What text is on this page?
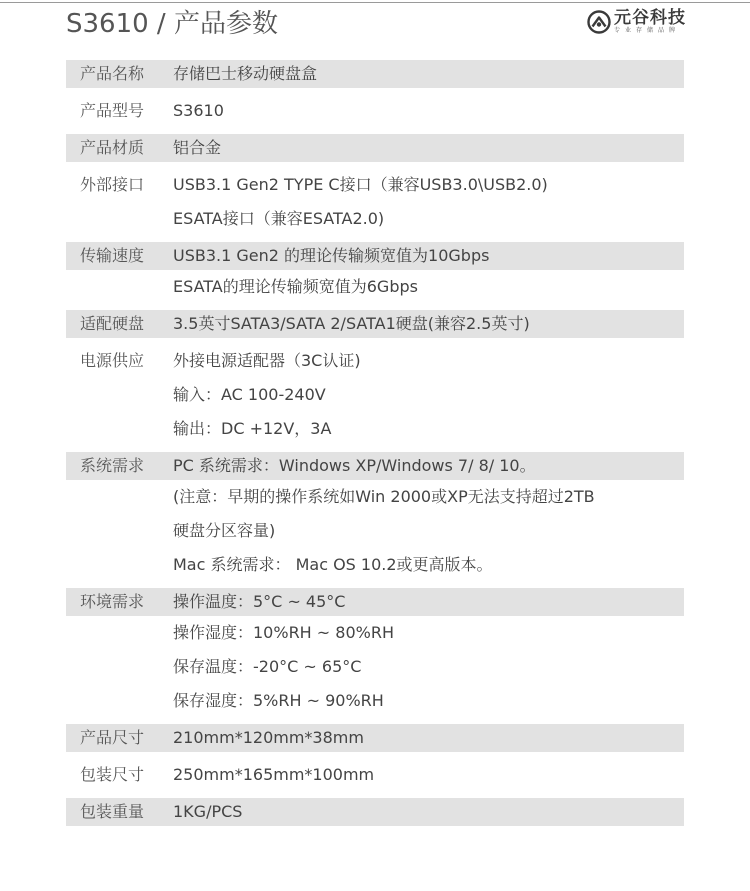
S3610 / 产品参数	元谷科技
专业存储品牌
产品名称	存储巴士移动硬盘盒
产品型号	S3610
产品材质	铝合金
外部接口	USB3.1 Gen2 TYPE C接口（兼容USB3.0\USB2.0)
ESATA接口（兼容ESATA2.0)
传输速度	USB3.1 Gen2 的理论传输频宽值为10Gbps
ESATA的理论传输频宽值为6Gbps
适配硬盘	3.5英寸SATA3/SATA 2/SATA1硬盘(兼容2.5英寸)
电源供应	外接电源适配器（3C认证)
输入：AC 100-240V
输出：DC +12V，3A
系统需求	PC 系统需求：Windows XP/Windows 7/ 8/ 10。
(注意：早期的操作系统如Win 2000或XP无法支持超过2TB
硬盘分区容量)
Mac 系统需求： Mac OS 10.2或更高版本。
环境需求	操作温度：5°C ~ 45°C
操作湿度：10%RH ~ 80%RH
保存温度：-20°C ~ 65°C
保存湿度：5%RH ~ 90%RH
产品尺寸	210mm*120mm*38mm
包装尺寸	250mm*165mm*100mm
包装重量	1KG/PCS
